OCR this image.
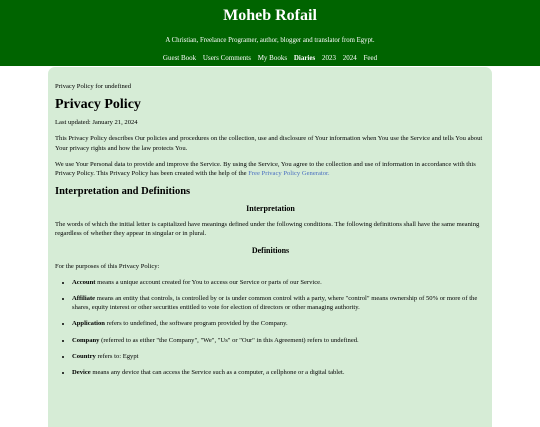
Moheb Rofail
A Christian, Freelance Programer, author, blogger and translator from Egypt.
Guest Book Users Comments My Books Diaries 2023 2024 Feed

Privacy Policy for undefined

Privacy Policy

Last updated: January 21, 2024

This Privacy Policy describes Our policies and procedures on the collection, use and disclosure of Your information when You use the Service and tells You about Your privacy rights and how the law protects You.

We use Your Personal data to provide and improve the Service. By using the Service, You agree to the collection and use of information in accordance with this Privacy Policy. This Privacy Policy has been created with the help of the Free Privacy Policy Generator.

Interpretation and Definitions
Interpretation

The words of which the initial letter is capitalized have meanings defined under the following conditions. The following definitions shall have the same meaning regardless of whether they appear in singular or in plural.

Definitions

For the purposes of this Privacy Policy:

• Account means a unique account created for You to access our Service or parts of our Service.
• Affiliate means an entity that controls, is controlled by or is under common control with a party, where "control" means ownership of 50% or more of the shares, equity interest or other securities entitled to vote for election of directors or other managing authority.
• Application refers to undefined, the software program provided by the Company.
• Company (referred to as either "the Company", "We", "Us" or "Our" in this Agreement) refers to undefined.
• Country refers to: Egypt
• Device means any device that can access the Service such as a computer, a cellphone or a digital tablet.
